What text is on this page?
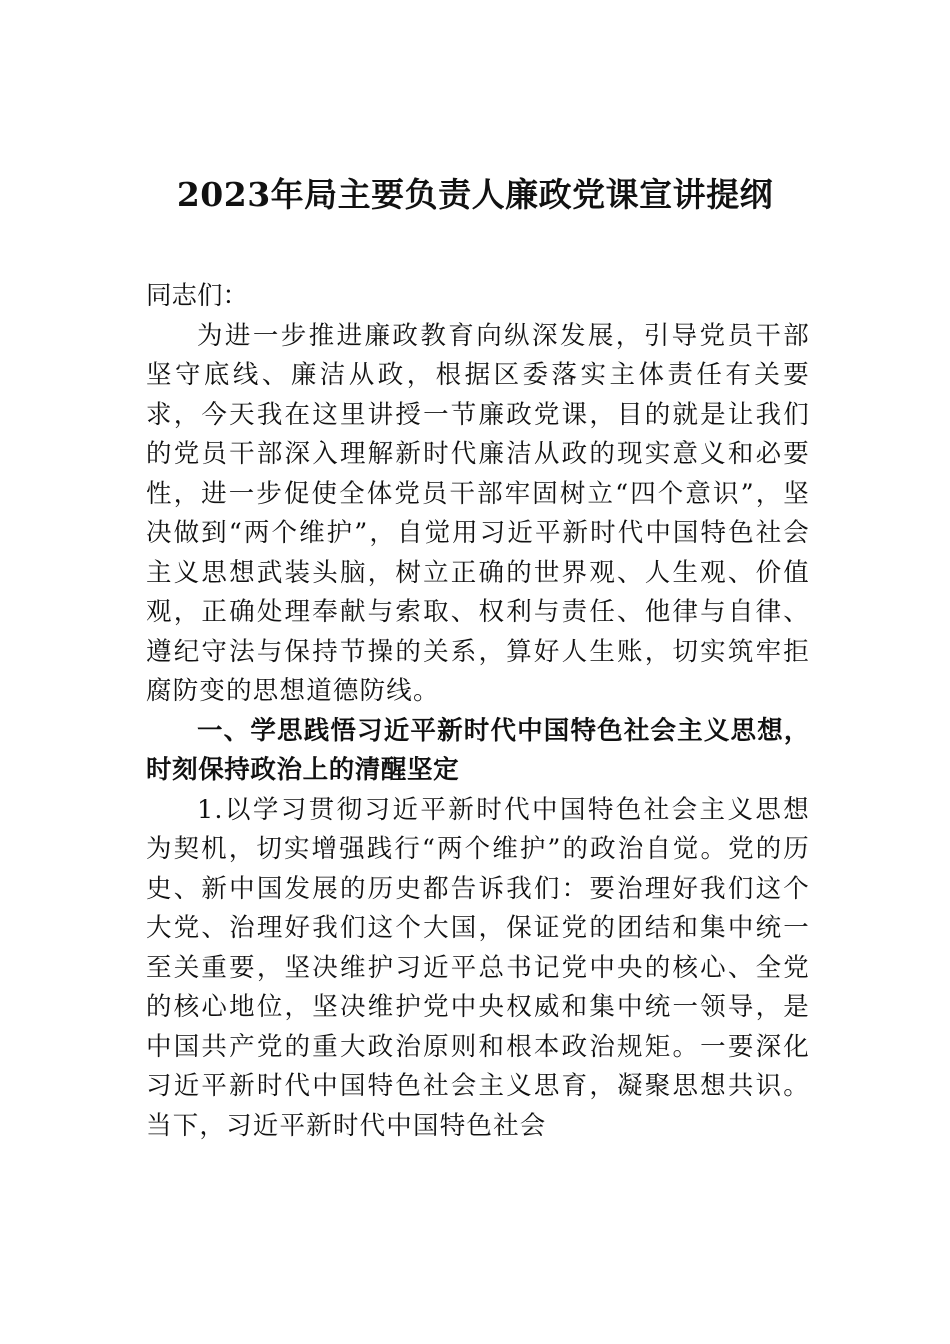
2023年局主要负责人廉政党课宣讲提纲

同志们：

为进一步推进廉政教育向纵深发展，引导党员干部坚守底线、廉洁从政，根据区委落实主体责任有关要求，今天我在这里讲授一节廉政党课，目的就是让我们的党员干部深入理解新时代廉洁从政的现实意义和必要性，进一步促使全体党员干部牢固树立“四个意识”，坚决做到“两个维护”，自觉用习近平新时代中国特色社会主义思想武装头脑，树立正确的世界观、人生观、价值观，正确处理奉献与索取、权利与责任、他律与自律、遵纪守法与保持节操的关系，算好人生账，切实筑牢拒腐防变的思想道德防线。

一、学思践悟习近平新时代中国特色社会主义思想，时刻保持政治上的清醒坚定

1.以学习贯彻习近平新时代中国特色社会主义思想为契机，切实增强践行“两个维护”的政治自觉。党的历史、新中国发展的历史都告诉我们：要治理好我们这个大党、治理好我们这个大国，保证党的团结和集中统一至关重要，坚决维护习近平总书记党中央的核心、全党的核心地位，坚决维护党中央权威和集中统一领导，是中国共产党的重大政治原则和根本政治规矩。一要深化习近平新时代中国特色社会主义思育，凝聚思想共识。当下，习近平新时代中国特色社会
